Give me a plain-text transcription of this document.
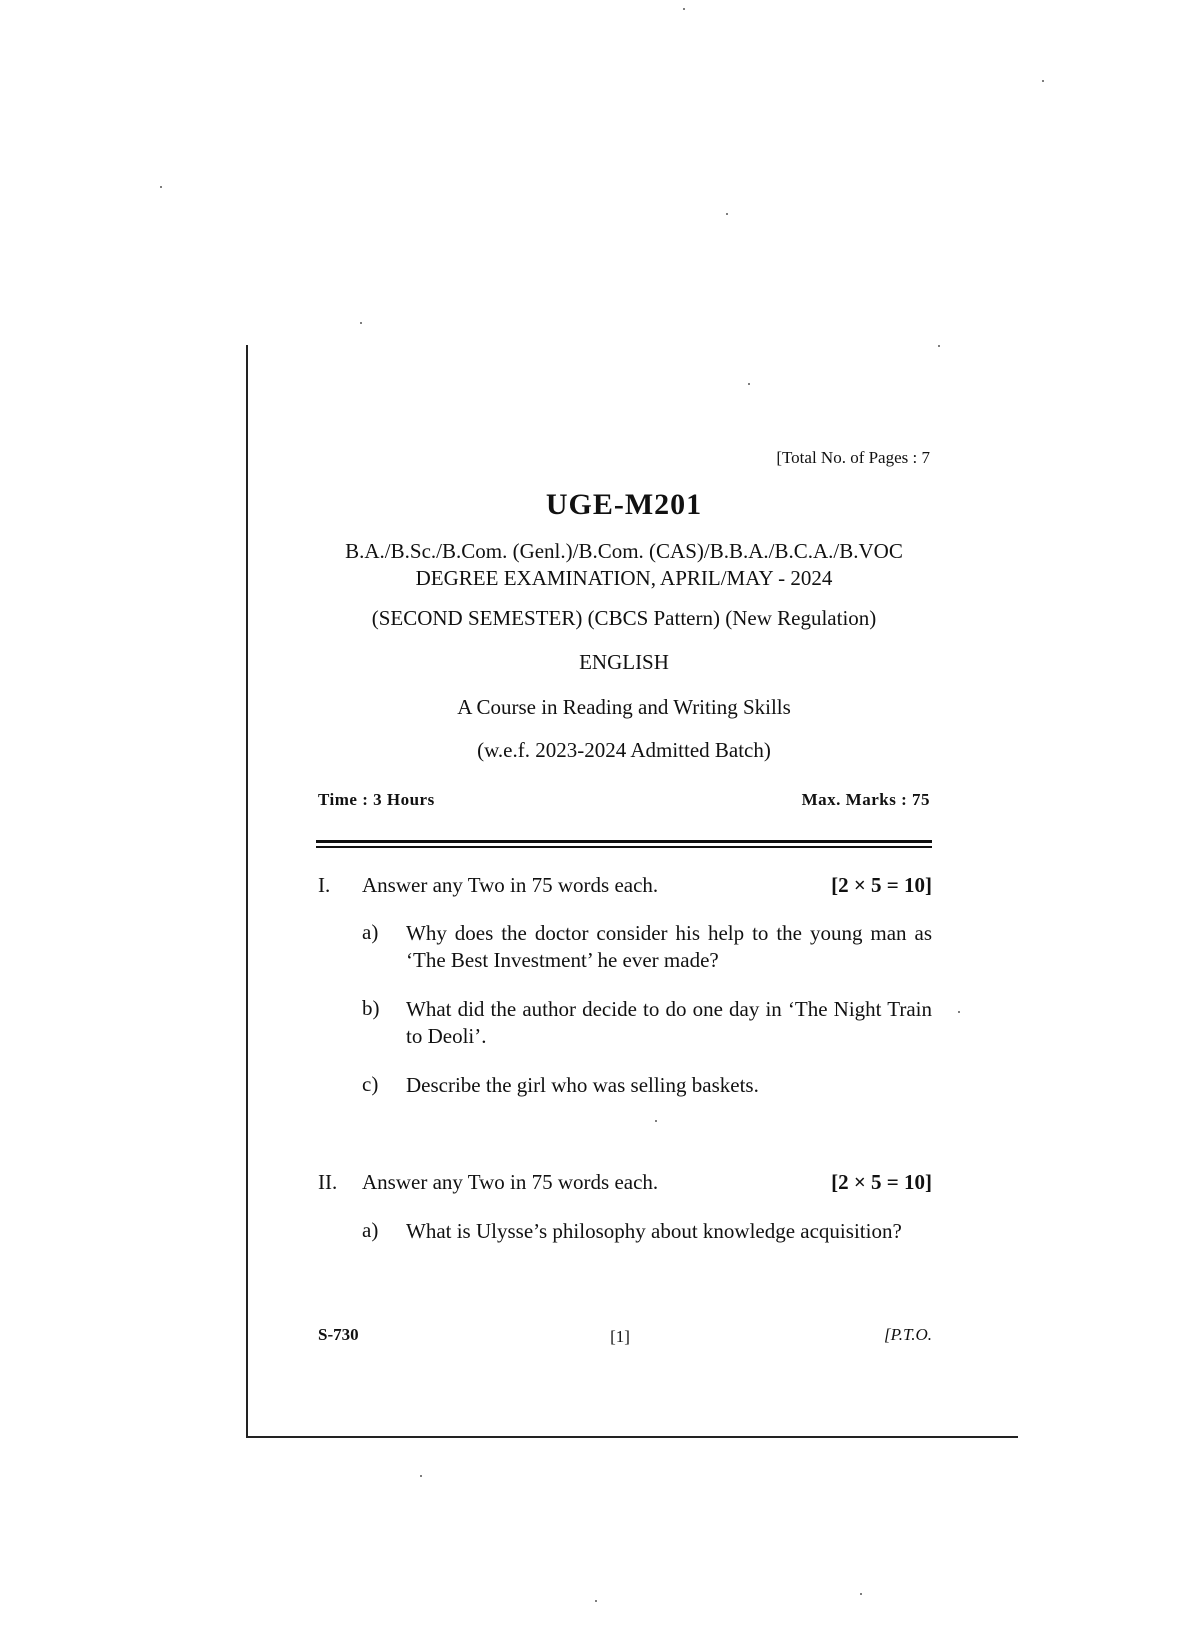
[Total No. of Pages : 7
UGE-M201
B.A./B.Sc./B.Com. (Genl.)/B.Com. (CAS)/B.B.A./B.C.A./B.VOC
DEGREE EXAMINATION, APRIL/MAY - 2024
(SECOND SEMESTER) (CBCS Pattern) (New Regulation)
ENGLISH
A Course in Reading and Writing Skills
(w.e.f. 2023-2024 Admitted Batch)
Time : 3 Hours	Max. Marks : 75
I. Answer any Two in 75 words each.	[2 × 5 = 10]
a) Why does the doctor consider his help to the young man as ‘The Best Investment’ he ever made?
b) What did the author decide to do one day in ‘The Night Train to Deoli’.
c) Describe the girl who was selling baskets.
II. Answer any Two in 75 words each.	[2 × 5 = 10]
a) What is Ulysse’s philosophy about knowledge acquisition?
S-730	[1]	[P.T.O.
